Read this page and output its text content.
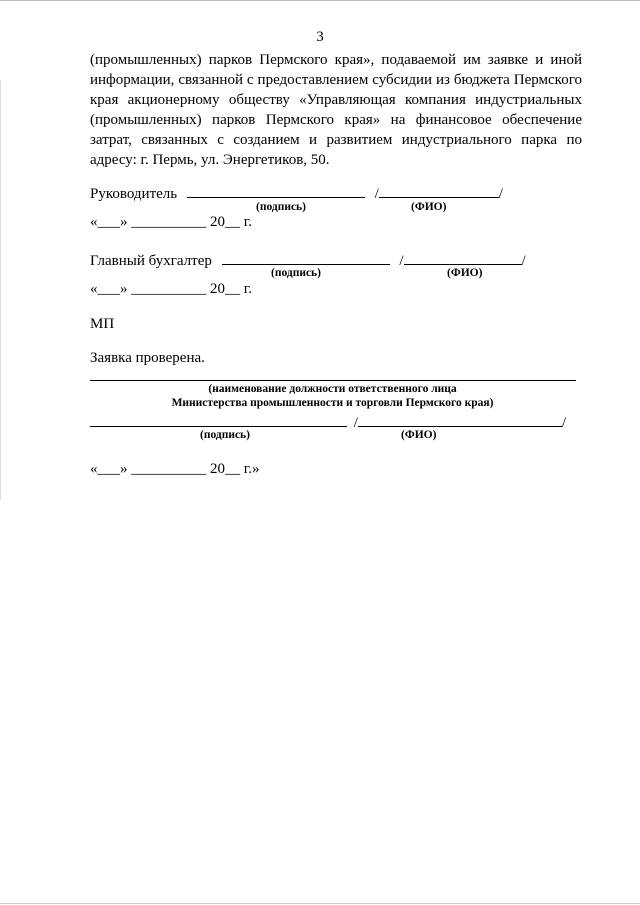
3
(промышленных) парков Пермского края», подаваемой им заявке и иной информации, связанной с предоставлением субсидии из бюджета Пермского края акционерному обществу «Управляющая компания индустриальных (промышленных) парков Пермского края» на финансовое обеспечение затрат, связанных с созданием и развитием индустриального парка по адресу: г. Пермь, ул. Энергетиков, 50.
Руководитель	/	/
(подпись)	(ФИО)
«___» __________ 20__ г.
Главный бухгалтер	/	/
(подпись)	(ФИО)
«___» __________ 20__ г.
МП
Заявка проверена.
(наименование должности ответственного лица
Министерства промышленности и торговли Пермского края)
/	/
(подпись)	(ФИО)
«___» __________ 20__ г.»
